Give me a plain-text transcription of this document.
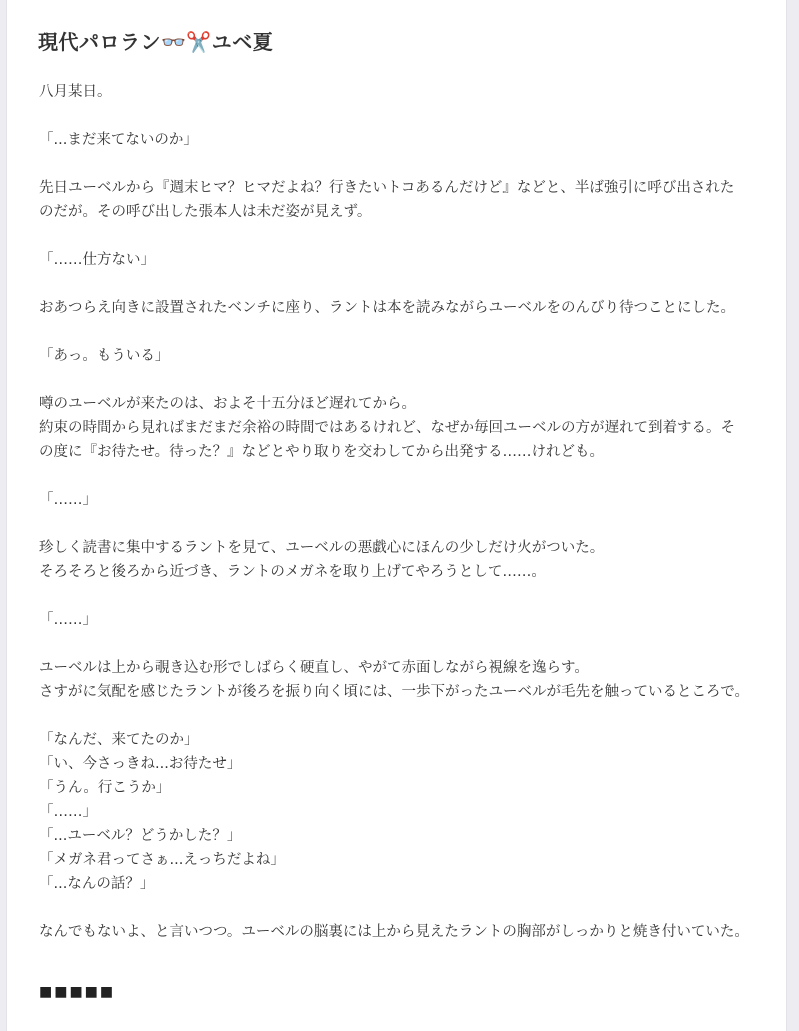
現代パロラン👓✂️ユベ夏

八月某日。

「...まだ来てないのか」

先日ユーベルから『週末ヒマ？ヒマだよね？行きたいトコあるんだけど』などと、半ば強引に呼び出された
のだが。その呼び出した張本人は未だ姿が見えず。

「……仕方ない」

おあつらえ向きに設置されたベンチに座り、ラントは本を読みながらユーベルをのんびり待つことにした。

「あっ。もういる」

噂のユーベルが来たのは、およそ十五分ほど遅れてから。
約束の時間から見ればまだまだ余裕の時間ではあるけれど、なぜか毎回ユーベルの方が遅れて到着する。そ
の度に『お待たせ。待った？』などとやり取りを交わしてから出発する……けれども。

「……」

珍しく読書に集中するラントを見て、ユーベルの悪戯心にほんの少しだけ火がついた。
そろそろと後ろから近づき、ラントのメガネを取り上げてやろうとして……。

「……」

ユーベルは上から覗き込む形でしばらく硬直し、やがて赤面しながら視線を逸らす。
さすがに気配を感じたラントが後ろを振り向く頃には、一歩下がったユーベルが毛先を触っているところで。

「なんだ、来てたのか」
「い、今さっきね...お待たせ」
「うん。行こうか」
「……」
「...ユーベル？どうかした？」
「メガネ君ってさぁ...えっちだよね」
「...なんの話？」

なんでもないよ、と言いつつ。ユーベルの脳裏には上から見えたラントの胸部がしっかりと焼き付いていた。

■■■■■
